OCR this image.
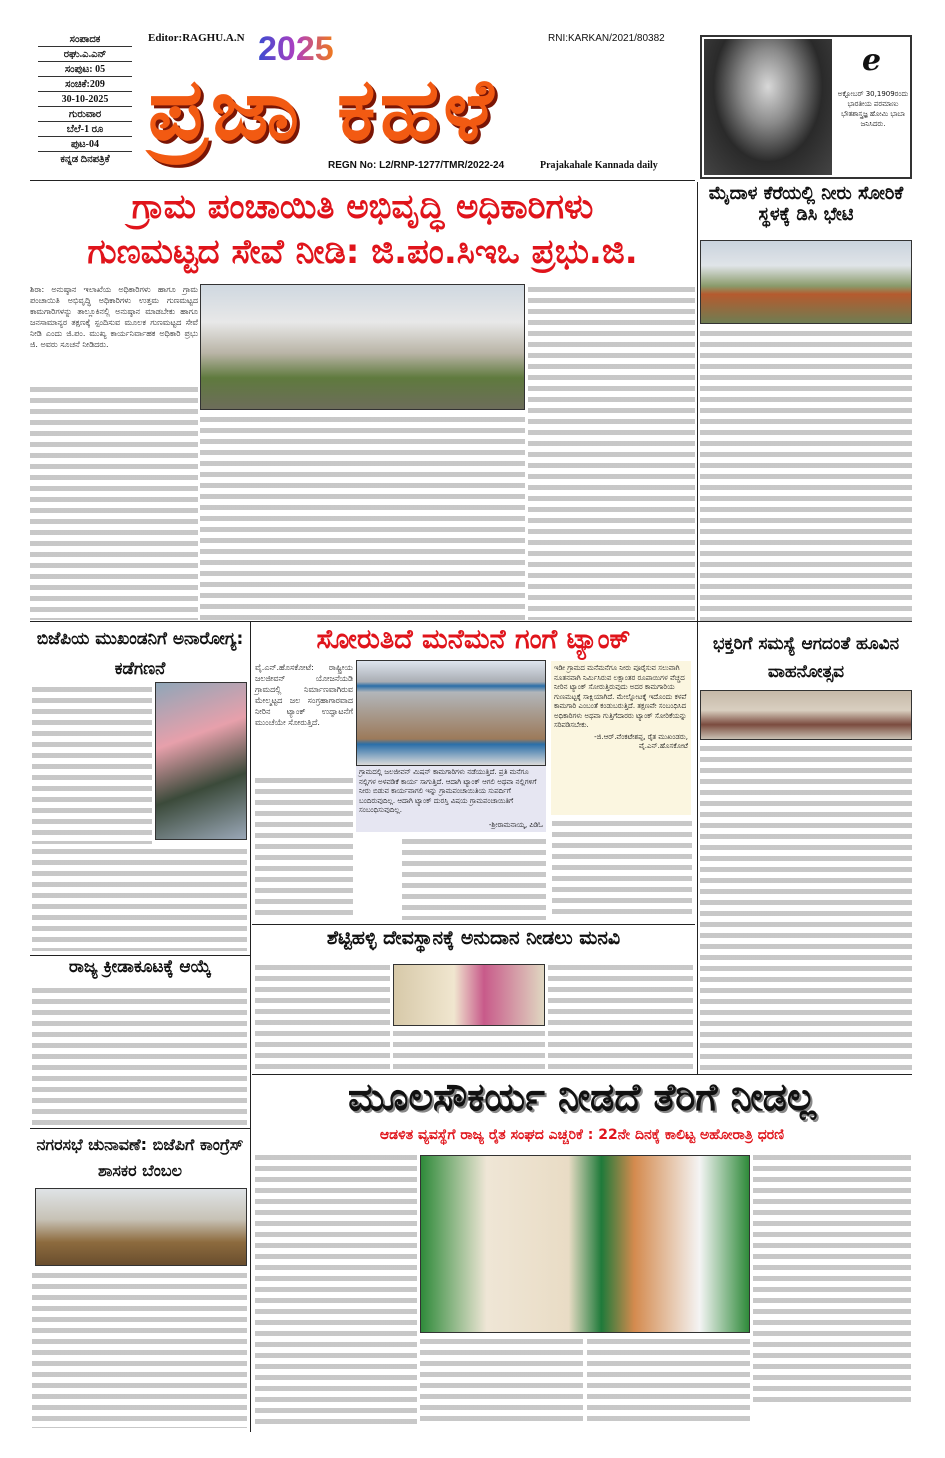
ಸಂಪಾದಕ
ರಘು.ಎ.ಎನ್
ಸಂಪುಟ: 05
ಸಂಚಿಕೆ:209
30-10-2025
ಗುರುವಾರ
ಬೆಲೆ-1 ರೂ
ಪುಟ-04
ಕನ್ನಡ ದಿನಪತ್ರಿಕೆ
Editor:RAGHU.A.N 2025
ಪ್ರಜಾ ಕಹಳೆ
RNI:KARKAN/2021/80382
REGN No: L2/RNP-1277/TMR/2022-24	Prajakahale Kannada daily
e
ಅಕ್ಟೋಬರ್ 30,1909ರಂದು ಭಾರತೀಯ ಪರಮಾಣು ಭೌತಶಾಸ್ತ್ರಜ್ಞ ಹೋಮಿ ಭಾಬಾ ಜನಿಸಿದರು.
ಗ್ರಾಮ ಪಂಚಾಯಿತಿ ಅಭಿವೃದ್ಧಿ ಅಧಿಕಾರಿಗಳು
ಗುಣಮಟ್ಟದ ಸೇವೆ ನೀಡಿ: ಜಿ.ಪಂ.ಸಿಇಒ ಪ್ರಭು.ಜಿ.
ಶಿರಾ: ಅನುಷ್ಠಾನ ಇಲಾಖೆಯ ಅಧಿಕಾರಿಗಳು ಹಾಗೂ ಗ್ರಾಮ ಪಂಚಾಯಿತಿ ಅಭಿವೃದ್ಧಿ ಅಧಿಕಾರಿಗಳು ಉತ್ತಮ ಗುಣಮಟ್ಟದ ಕಾಮಗಾರಿಗಳನ್ನು ತಾಲ್ಲೂಕಿನಲ್ಲಿ ಅನುಷ್ಠಾನ ಮಾಡಬೇಕು ಹಾಗೂ ಜನಸಾಮಾನ್ಯರ ತಕ್ಷಣಕ್ಕೆ ಸ್ಪಂದಿಸುವ ಮೂಲಕ ಗುಣಮಟ್ಟದ ಸೇವೆ ನೀಡಿ ಎಂದು ಜಿ.ಪಂ. ಮುಖ್ಯ ಕಾರ್ಯನಿರ್ವಾಹಕ ಅಧಿಕಾರಿ ಪ್ರಭು ಜಿ. ಅವರು ಸೂಚನೆ ನೀಡಿದರು.
ಮೈದಾಳ ಕೆರೆಯಲ್ಲಿ ನೀರು ಸೋರಿಕೆ ಸ್ಥಳಕ್ಕೆ ಡಿಸಿ ಭೇಟಿ
ಬಿಜೆಪಿಯ ಮುಖಂಡನಿಗೆ ಅನಾರೋಗ್ಯ: ಕಡೆಗಣನೆ
ಸೋರುತಿದೆ ಮನೆಮನೆ ಗಂಗೆ ಟ್ಯಾಂಕ್
ವೈ.ಎನ್.ಹೊಸಕೋಟೆ: ರಾಷ್ಟ್ರೀಯ ಜಲಜೀವನ್ ಯೋಜನೆಯಡಿ ಗ್ರಾಮದಲ್ಲಿ ನಿರ್ಮಾಣವಾಗಿರುವ ಮೇಲ್ಮಟ್ಟದ ಜಲ ಸಂಗ್ರಹಾಗಾರವಾದ ನೀರಿನ ಟ್ಯಾಂಕ್ ಉದ್ಘಾಟನೆಗೆ ಮುಂಚೆಯೇ ಸೋರುತ್ತಿದೆ.
ಗ್ರಾಮದಲ್ಲಿ ಜಲಜೀವನ್ ಮಿಷನ್ ಕಾಮಗಾರಿಗಳು ನಡೆಯುತ್ತಿದೆ. ಪ್ರತಿ ಮನೆಗೂ ನಲ್ಲಿಗಳ ಅಳವಡಿಕೆ ಕಾರ್ಯ ಸಾಗುತ್ತಿದೆ. ಆದಾಗಿ ಟ್ಯಾಂಕ್ ಆಗಲಿ ಅಥವಾ ನಲ್ಲಿಗಳಿಗೆ ನೀರು ಬಿಡುವ ಕಾರ್ಯವಾಗಲಿ ಇನ್ನು ಗ್ರಾಮಪಂಚಾಯಿತಿಯ ಸುಪರ್ದಿಗೆ ಬಂದಿರುವುದಿಲ್ಲ. ಆದಾಗಿ ಟ್ಯಾಂಕ್ ದುರಸ್ತಿ ವಿಷಯ ಗ್ರಾಮಪಂಚಾಯಿತಿಗೆ ಸಂಬಂಧಿಸುವುದಿಲ್ಲ.
-ಶ್ರೀರಾಮನಾಯ್ಕ, ಪಿಡಿಓ
ಇಡೀ ಗ್ರಾಮದ ಮನೆಮನೆಗೂ ನೀರು ಪೂರೈಸುವ ಸಲುವಾಗಿ ನೂತನವಾಗಿ ನಿರ್ಮಿಸಿರುವ ಲಕ್ಷಾಂತರ ರೂಪಾಯಿಗಳ ವೆಚ್ಚದ ನೀರಿನ ಟ್ಯಾಂಕ್ ಸೋರುತ್ತಿರುವುದು ಅದರ ಕಾಮಗಾರಿಯ ಗುಣಮಟ್ಟಕ್ಕೆ ಸಾಕ್ಷಿಯಾಗಿದೆ. ಮೇಲ್ನೋಟಕ್ಕೆ ಇದೊಂದು ಕಳಪೆ ಕಾಮಗಾರಿ ಎಂಬಂತೆ ಕಂಡುಬರುತ್ತಿದೆ. ತಕ್ಷಣವೇ ಸಂಬಂಧಿಸಿದ ಅಧಿಕಾರಿಗಳು ಅಥವಾ ಗುತ್ತಿಗೆದಾರರು ಟ್ಯಾಂಕ್ ಸೋರಿಕೆಯನ್ನು ಸರಿಪಡಿಸಬೇಕು.
-ಜಿ.ಆರ್.ವೆಂಕಟೇಶಪ್ಪ, ರೈತ ಮುಖಂಡರು, ವೈ.ಎನ್.ಹೊಸಕೋಟೆ
ಭಕ್ತರಿಗೆ ಸಮಸ್ಯೆ ಆಗದಂತೆ ಹೂವಿನ ವಾಹನೋತ್ಸವ
ಶೆಟ್ಟಿಹಳ್ಳಿ ದೇವಸ್ಥಾನಕ್ಕೆ ಅನುದಾನ ನೀಡಲು ಮನವಿ
ರಾಜ್ಯ ಕ್ರೀಡಾಕೂಟಕ್ಕೆ ಆಯ್ಕೆ
ಮೂಲಸೌಕರ್ಯ ನೀಡದೆ ತೆರಿಗೆ ನೀಡಲ್ಲ
ಆಡಳಿತ ವ್ಯವಸ್ಥೆಗೆ ರಾಜ್ಯ ರೈತ ಸಂಘದ ಎಚ್ಚರಿಕೆ : 22ನೇ ದಿನಕ್ಕೆ ಕಾಲಿಟ್ಟ ಅಹೋರಾತ್ರಿ ಧರಣಿ
ನಗರಸಭೆ ಚುನಾವಣೆ: ಬಿಜೆಪಿಗೆ ಕಾಂಗ್ರೆಸ್ ಶಾಸಕರ ಬೆಂಬಲ
